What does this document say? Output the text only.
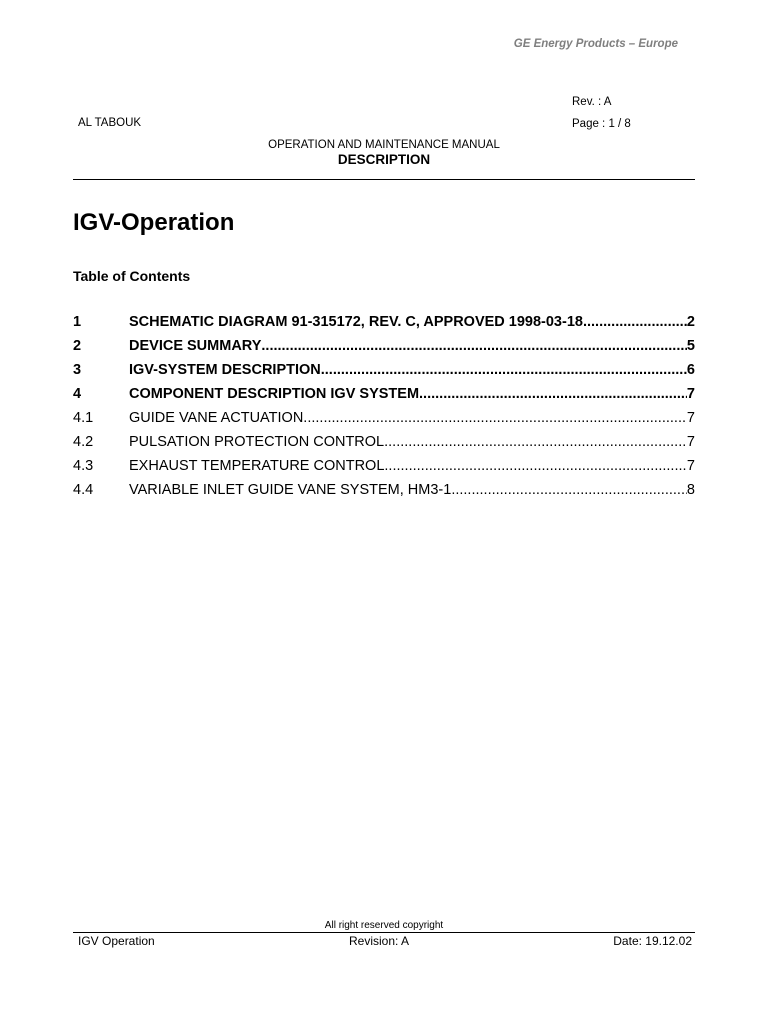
GE Energy Products – Europe
Rev. : A
Page : 1 / 8
AL TABOUK
OPERATION AND MAINTENANCE MANUAL
DESCRIPTION
IGV-Operation
Table of Contents
1	SCHEMATIC DIAGRAM 91-315172, REV. C, APPROVED 1998-03-18 .....	2
2	DEVICE SUMMARY .....	5
3	IGV-SYSTEM DESCRIPTION .....	6
4	COMPONENT DESCRIPTION IGV SYSTEM .....	7
4.1	GUIDE VANE ACTUATION .....	7
4.2	PULSATION PROTECTION CONTROL .....	7
4.3	EXHAUST TEMPERATURE CONTROL .....	7
4.4	VARIABLE INLET GUIDE VANE SYSTEM, HM3-1 .....	8
All right reserved copyright
IGV Operation	Revision: A	Date: 19.12.02
